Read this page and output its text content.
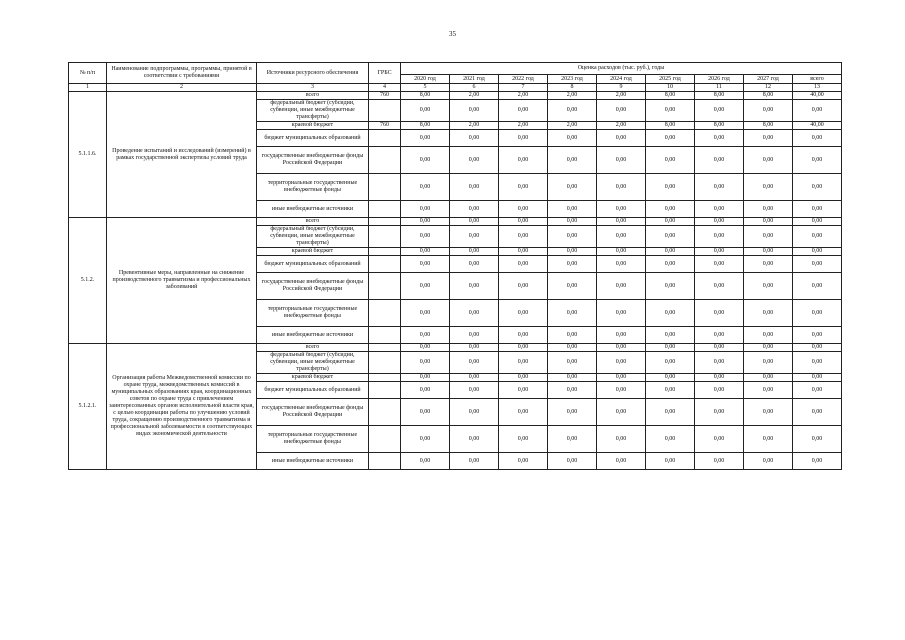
35
№ п/п	Наименование подпрограммы, программы, принятой в соответствии с требованиями	Источники ресурсного обеспечения	ГРБС	Оценка расходов (тыс. руб.), годы								
				2020 год	2021 год	2022 год	2023 год	2024 год	2025 год	2026 год	2027 год	всего
1	2	3	4	5	6	7	8	9	10	11	12	13
5.1.1.6.	Проведение испытаний и исследований (измерений) в рамках государственной экспертизы условий труда	всего	760	8,00	2,00	2,00	2,00	2,00	8,00	8,00	8,00	40,00
		федеральный бюджет (субсидии, субвенции, иные межбюджетные трансферты)		0,00	0,00	0,00	0,00	0,00	0,00	0,00	0,00	0,00
		краевой бюджет	760	8,00	2,00	2,00	2,00	2,00	8,00	8,00	8,00	40,00
		бюджет муниципальных образований		0,00	0,00	0,00	0,00	0,00	0,00	0,00	0,00	0,00
		государственные внебюджетные фонды Российской Федерации		0,00	0,00	0,00	0,00	0,00	0,00	0,00	0,00	0,00
		территориальные государственные внебюджетные фонды		0,00	0,00	0,00	0,00	0,00	0,00	0,00	0,00	0,00
		иные внебюджетные источники		0,00	0,00	0,00	0,00	0,00	0,00	0,00	0,00	0,00
5.1.2.	Превентивные меры, направленные на снижение производственного травматизма и профессиональных заболеваний	всего		0,00	0,00	0,00	0,00	0,00	0,00	0,00	0,00	0,00
		федеральный бюджет (субсидии, субвенции, иные межбюджетные трансферты)		0,00	0,00	0,00	0,00	0,00	0,00	0,00	0,00	0,00
		краевой бюджет		0,00	0,00	0,00	0,00	0,00	0,00	0,00	0,00	0,00
		бюджет муниципальных образований		0,00	0,00	0,00	0,00	0,00	0,00	0,00	0,00	0,00
		государственные внебюджетные фонды Российской Федерации		0,00	0,00	0,00	0,00	0,00	0,00	0,00	0,00	0,00
		территориальные государственные внебюджетные фонды		0,00	0,00	0,00	0,00	0,00	0,00	0,00	0,00	0,00
		иные внебюджетные источники		0,00	0,00	0,00	0,00	0,00	0,00	0,00	0,00	0,00
5.1.2.1.	Организация работы Межведомственной комиссии по охране труда, межведомственных комиссий в муниципальных образованиях края, координационных советов по охране труда с привлечением заинтересованных органов исполнительной власти края, с целью координации работы по улучшению условий труда, сокращению производственного травматизма и профессиональной заболеваемости в соответствующих видах экономической деятельности	всего		0,00	0,00	0,00	0,00	0,00	0,00	0,00	0,00	0,00
		федеральный бюджет (субсидии, субвенции, иные межбюджетные трансферты)		0,00	0,00	0,00	0,00	0,00	0,00	0,00	0,00	0,00
		краевой бюджет		0,00	0,00	0,00	0,00	0,00	0,00	0,00	0,00	0,00
		бюджет муниципальных образований		0,00	0,00	0,00	0,00	0,00	0,00	0,00	0,00	0,00
		государственные внебюджетные фонды Российской Федерации		0,00	0,00	0,00	0,00	0,00	0,00	0,00	0,00	0,00
		территориальные государственные внебюджетные фонды		0,00	0,00	0,00	0,00	0,00	0,00	0,00	0,00	0,00
		иные внебюджетные источники		0,00	0,00	0,00	0,00	0,00	0,00	0,00	0,00	0,00
